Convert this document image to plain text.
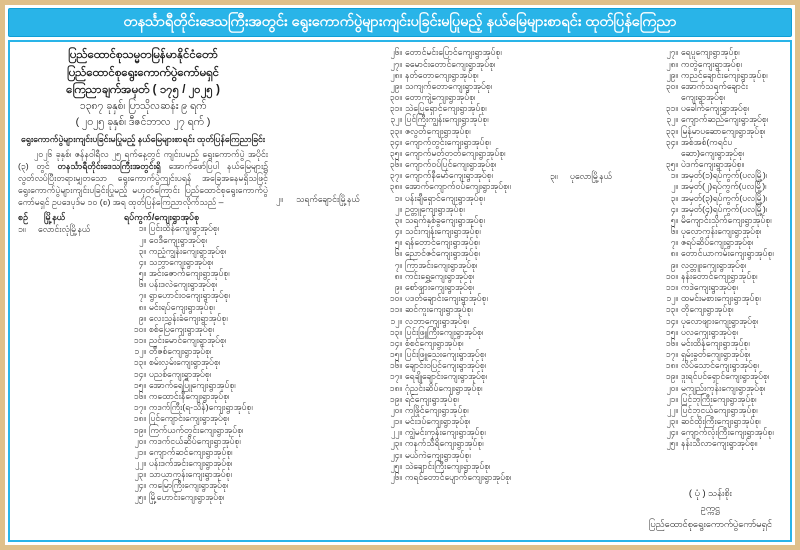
တနင်္သာရီတိုင်းဒေသကြီးအတွင်း ရွေးကောက်ပွဲများကျင်းပခြင်းမပြုမည့် နယ်မြေများစာရင်း ထုတ်ပြန်ကြေညာ
ပြည်ထောင်စုသမ္မတမြန်မာနိုင်ငံတော်
ပြည်ထောင်စုရွေးကောက်ပွဲကော်မရှင်
ကြေညာချက်အမှတ် ( ၁၇၅ / ၂၀၂၅ )
၁၃၈၇ ခုနှစ်၊ ပြာသိုလဆန်း ၉ ရက်
( ၂၀၂၅ ခုနှစ်၊ ဒီဇင်ဘာလ ၂၇ ရက် )
ရွေးကောက်ပွဲများကျင်းပခြင်းမပြုမည့် နယ်မြေများစာရင်း ထုတ်ပြန်ကြေညာခြင်း
၂၀၂၆ ခုနှစ်၊ ဇန်နဝါရီလ ၂၅ ရက်နေ့တွင် ကျင်းပမည့် ရွေးကောက်ပွဲ အပိုင်း (၃) တွင် တနင်္သာရီတိုင်းဒေသကြီးအတွင်းရှိ အောက်ဖော်ပြပါ နယ်မြေများ၌ လွတ်လပ်ပြီးတရားမျှတသော ရွေးကောက်ပွဲကျင်းပရန် အခြေအနေမရှိသဖြင့် ရွေးကောက်ပွဲများကျင်းပခြင်းပြုမည့် မဟုတ်ကြောင်း ပြည်ထောင်စုရွေးကောက်ပွဲကော်မရှင် ဥပဒေပုဒ်မ ၁၀ (စ) အရ ထုတ်ပြန်ကြေညာလိုက်သည် –
စဉ်	မြို့နယ်	ရပ်ကွက်/ကျေးရွာအုပ်စု
၁။	လောင်းလုံမြို့နယ်	၁။ ပြင်းထိန်ကျေးရွာအုပ်စု၊
၂။ ဝေဒီကျေးရွာအုပ်စု၊
၃။ ကညံ့ကျွန်းကျေးရွာအုပ်စု၊
၄။ သဘွာကျေးရွာအုပ်စု၊
၅။ အင်းဇောက်ကျေးရွာအုပ်စု၊
၆။ ပန်းဒလဲကျေးရွာအုပ်စု၊
၇။ ရွာဟောင်းဝကျေးရွာအုပ်စု၊
၈။ မင်းရပ်ကျေးရွာအုပ်စု၊
၉။ လေးသွန်းခံကျေးရွာအုပ်စု၊
၁၀။ စစ်ပြေကျေးရွာအုပ်စု၊
၁၁။ ညင်းမောင်ကျေးရွာအုပ်စု၊
၁၂။ တီဇစ်ကျေးရွာအုပ်စု၊
၁၃။ စမ်းလှမ်းကျေးရွာအုပ်စု၊
၁၄။ ပညစ်ကျေးရွာအုပ်စု၊
၁၅။ အောက်ရေပြူကျေးရွာအုပ်စု၊
၁၆။ ကထောင်းနီကျေးရွာအုပ်စု၊
၁၇။ ကဒက်ကြီး(ရ-သိန်)ကျေးရွာအုပ်စု၊
၁၈။ ပြင်ကျောင်းကျေးရွာအုပ်စု၊
၁၉။ ကြက်ယက်တွင်းကျေးရွာအုပ်စု၊
၂၀။ ကဒက်ငယ်ဆိပ်ကျေးရွာအုပ်စု၊
၂၁။ ကျောက်ဆင်ကျေးရွာအုပ်စု၊
၂၂။ ပန်းဒက်အင်းကျေးရွာအုပ်စု၊
၂၃။ သာယာကုန်းကျေးရွာအုပ်စု၊
၂၄။ ကမြောကြီးကျေးရွာအုပ်စု၊
၂၅။ မြို့ဟောင်းကျေးရွာအုပ်စု၊
၂၆။ တောင်မင်းပြောင်ကျေးရွာအုပ်စု၊
၂၇။ ခမောင်းတောင်ကျေးရွာအုပ်စု၊
၂၈။ နတ်တောကျေးရွာအုပ်စု၊
၂၉။ သကျက်တောကျေးရွာအုပ်စု၊
၃၀။ တောကျဲ့ကျေးရွာအုပ်စု၊
၃၁။ သဲပြေရှောင်ကျေးရွာအုပ်စု၊
၃၂။ ပြင်ကြီးကျွန်းကျေးရွာအုပ်စု၊
၃၃။ ဇလွတ်ကျေးရွာအုပ်စု၊
၃၄။ ကျောက်တွင်းကျေးရွာအုပ်စု၊
၃၅။ ကျောက်မတ်တတ်ကျေးရွာအုပ်စု၊
၃၆။ ကျောက်ဝပ်ပြင်ကျေးရွာအုပ်စု၊
၃၇။ ကျောက်နီမော်ကျေးရွာအုပ်စု၊
၃၈။ အောက်ကျောက်ဝပ်ကျေးရွာအုပ်စု။
၂။	သရက်ချောင်းမြို့နယ်	၁။ ပန်းချီရှောင်ကျေးရွာအုပ်စု၊
၂။ ဥတ္တူကျေးရွာအုပ်စု၊
၃။ သရက်နှစ်ခွကျေးရွာအုပ်စု၊
၄။ သင်းကျန်းကျေးရွာအုပ်စု၊
၅။ ရန်တောင်ကျေးရွာအုပ်စု၊
၆။ ညောင်ဇင်ကျေးရွာအုပ်စု၊
၇။ ကြာအင်းကျေးရွာအုပ်စု၊
၈။ ကင်းရွှေ့ကျေးရွာအုပ်စု၊
၉။ စော်ဖျားကျေးရွာအုပ်စု၊
၁၀။ ပဒတ်ချောင်းကျေးရွာအုပ်စု၊
၁၁။ ဆင်ကူးကျေးရွာအုပ်စု၊
၁၂။ လဘာကျေးရွာအုပ်စု၊
၁၃။ ပြင်းဖြူကြီးကျေးရွာအုပ်စု၊
၁၄။ စံစင်ကျေးရွာအုပ်စု၊
၁၅။ ပြင်းဖြူသေးကျေးရွာအုပ်စု၊
၁၆။ ချောင်းဝပြင်ကျေးရွာအုပ်စု၊
၁၇။ ရေချိုချောင်းကျေးရွာအုပ်စု၊
၁၈။ ဂုံညင်းဆိပ်ကျေးရွာအုပ်စု၊
၁၉။ ရင်ကျေးရွာအုပ်စု၊
၂၀။ ကဖြိုင်ကျေးရွာအုပ်စု၊
၂၁။ မင်းဒပ်ကျေးရွာအုပ်စု၊
၂၂။ ကျွဲမင်းကုန်းကျေးရွာအုပ်စု၊
၂၃။ ကနက်သီရိကျေးရွာအုပ်စု၊
၂၄။ မယ်ကဲကျေးရွာအုပ်စု၊
၂၅။ သဲချောင်းကြီးကျေးရွာအုပ်စု၊
၂၆။ ကရင်တောင်ပျောက်ကျေးရွာအုပ်စု၊
၂၇။ ရေပူကျေးရွာအုပ်စု၊
၂၈။ ကတွဲကျေးရွာအုပ်စု၊
၂၉။ ကညင်ချောင်းကျေးရွာအုပ်စု၊
၃၀။ အောက်သရက်ချောင်းကျေးရွာအုပ်စု၊
၃၁။ ပခေါက်ကျေးရွာအုပ်စု၊
၃၂။ ကျောက်ဆည်ကျေးရွာအုပ်စု၊
၃၃။ မြန်မာပဆောကျေးရွာအုပ်စု၊
၃၄။ အစ်အစ်(ကရင်ပဆော)ကျေးရွာအုပ်စု၊
၃၅။ ပဲဒက်ကျေးရွာအုပ်စု။
၃။	ပုလောမြို့နယ်	၁။ အမှတ်(၁)ရပ်ကွက်(ပလမြို့)၊
၂။ အမှတ်(၂)ရပ်ကွက်(ပလမြို့)၊
၃။ အမှတ်(၃)ရပ်ကွက်(ပလမြို့)၊
၄။ အမှတ်(၄)ရပ်ကွက်(ပလမြို့)၊
၅။ မိကျောင်းသိုက်ကျေးရွာအုပ်စု၊
၆။ ပုလောကုန်းကျေးရွာအုပ်စု၊
၇။ ဇရပ်ဆိပ်ကျေးရွာအုပ်စု၊
၈။ တောင်ယာကမ်းကျေးရွာအုပ်စု၊
၉။ လတ္တူးကျေးရွာအုပ်စု၊
၁၀။ နန်းတောင်ကျေးရွာအုပ်စု၊
၁၁။ ကဒဲကျေးရွာအုပ်စု၊
၁၂။ ထမင်းမစားကျေးရွာအုပ်စု၊
၁၃။ တိုကျေးရွာအုပ်စု၊
၁၄။ ပုလောဖျားကျေးရွာအုပ်စု၊
၁၅။ ပလကျေးရွာအုပ်စု၊
၁၆။ မင်းထိန်ကျေးရွာအုပ်စု၊
၁၇။ ရှမ်းခွတ်ကျေးရွာအုပ်စု၊
၁၈။ လိပ်သောင်ကျေးရွာအုပ်စု၊
၁၉။ ဒူးရင်ပင်ရှောင်ကျေးရွာအုပ်စု၊
၂၀။ မကျည်းကုန်းကျေးရွာအုပ်စု၊
၂၁။ ပြင်ဘုကြီးကျေးရွာအုပ်စု၊
၂၂။ ပြင်ဘုငယ်ကျေးရွာအုပ်စု၊
၂၃။ ဆင်ထိုးကြီးကျေးရွာအုပ်စု၊
၂၄။ ကျောက်လုံးကြီးကျေးရွာအုပ်စု၊
၂၅။ နန်းသီလာကျေးရွာအုပ်စု။
( ပုံ ) သန်းစိုး
ဥက္ကဋ္ဌ
ပြည်ထောင်စုရွေးကောက်ပွဲကော်မရှင်
